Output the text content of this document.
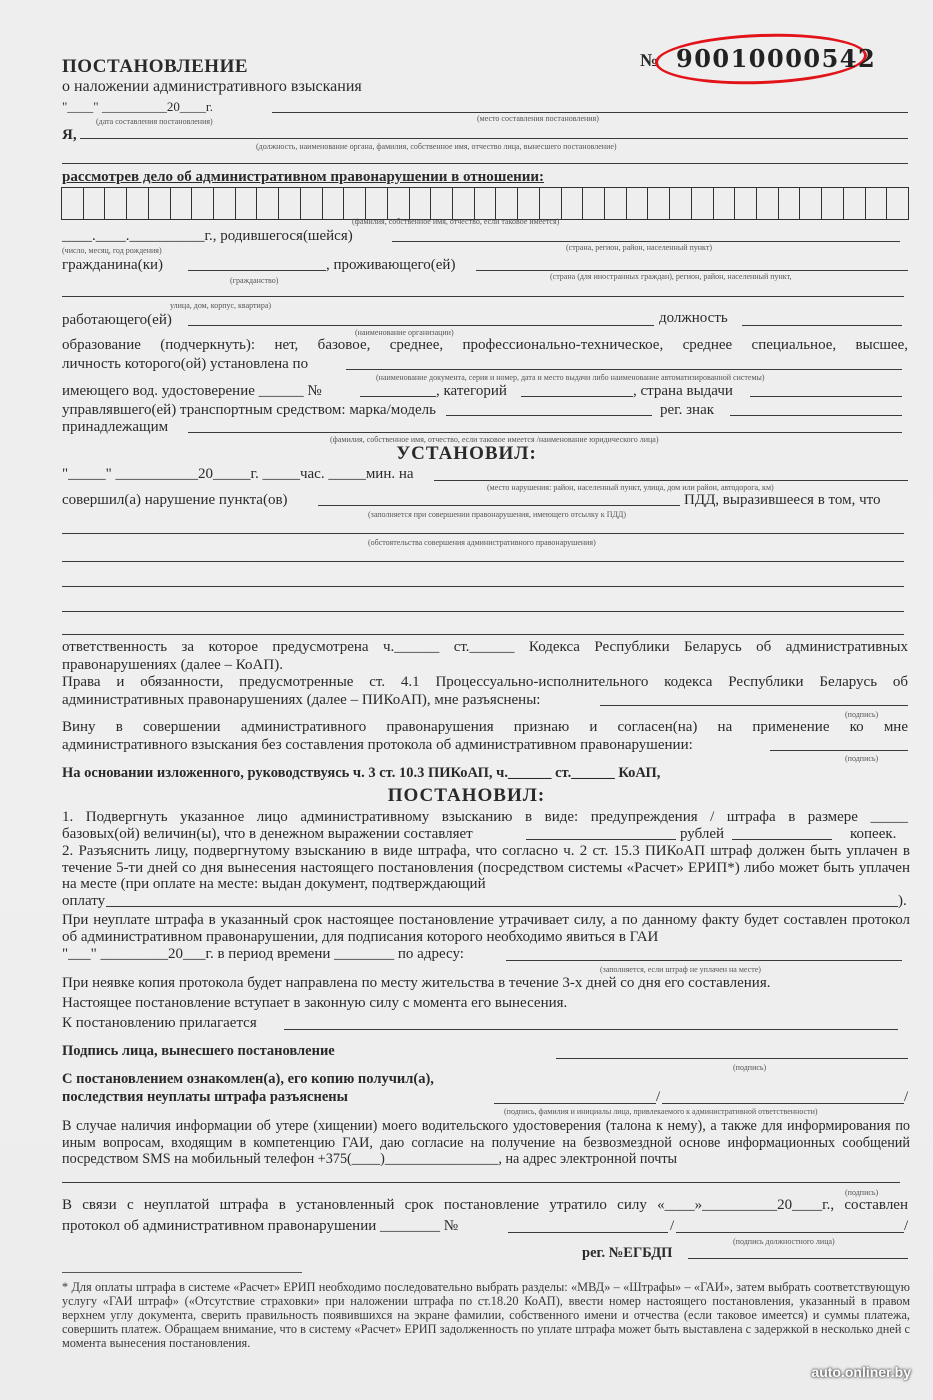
ПОСТАНОВЛЕНИЕ
о наложении административного взыскания
№ 90010000542
"____" __________20____г.
(дата составления постановления)	(место составления постановления)
Я,
(должность, наименование органа, фамилия, собственное имя, отчество лица, вынесшего постановление)
рассмотрев дело об административном правонарушении в отношении:
(фамилия, собственное имя, отчество, если таковое имеется)
____.____.__________г., родившегося(шейся)
(число, месяц, год рождения)	(страна, регион, район, населенный пункт)
гражданина(ки)	, проживающего(ей)
(гражданство)	(страна (для иностранных граждан), регион, район, населенный пункт,
улица, дом, корпус, квартира)
работающего(ей)	должность
(наименование организации)
образование (подчеркнуть): нет, базовое, среднее, профессионально-техническое, среднее специальное, высшее,
личность которого(ой) установлена по
(наименование документа, серия и номер, дата и место выдачи либо наименование автоматизированной системы)
имеющего вод. удостоверение ______ №	, категорий	, страна выдачи
управлявшего(ей) транспортным средством: марка/модель	рег. знак
принадлежащим
(фамилия, собственное имя, отчество, если таковое имеется /наименование юридического лица)
УСТАНОВИЛ:
"_____" ___________20_____г. _____час. _____мин. на
(место нарушения: район, населенный пункт, улица, дом или район, автодорога, км)
совершил(а) нарушение пункта(ов)	ПДД, выразившееся в том, что
(заполняется при совершении правонарушения, имеющего отсылку к ПДД)
(обстоятельства совершения административного правонарушения)
ответственность за которое предусмотрена ч.______ ст.______ Кодекса Республики Беларусь об административных
правонарушениях (далее – КоАП).
Права и обязанности, предусмотренные ст. 4.1 Процессуально-исполнительного кодекса Республики Беларусь об
административных правонарушениях (далее – ПИКоАП), мне разъяснены:
(подпись)
Вину в совершении административного правонарушения признаю и согласен(на) на применение ко мне
административного взыскания без составления протокола об административном правонарушении:
(подпись)
На основании изложенного, руководствуясь ч. 3 ст. 10.3 ПИКоАП, ч.______ ст.______ КоАП,
ПОСТАНОВИЛ:
1. Подвергнуть указанное лицо административному взысканию в виде: предупреждения / штрафа в размере _____
базовых(ой) величин(ы), что в денежном выражении составляет	рублей	копеек.
2. Разъяснить лицу, подвергнутому взысканию в виде штрафа, что согласно ч. 2 ст. 15.3 ПИКоАП штраф должен быть уплачен в течение 5-ти дней со дня вынесения настоящего постановления (посредством системы «Расчет» ЕРИП*) либо может быть уплачен на месте (при оплате на месте: выдан документ, подтверждающий
оплату	).
При неуплате штрафа в указанный срок настоящее постановление утрачивает силу, а по данному факту будет составлен протокол об административном правонарушении, для подписания которого необходимо явиться в ГАИ
"___" _________20___г. в период времени ________ по адресу:
(заполняется, если штраф не уплачен на месте)
При неявке копия протокола будет направлена по месту жительства в течение 3-х дней со дня его составления.
Настоящее постановление вступает в законную силу с момента его вынесения.
К постановлению прилагается
Подпись лица, вынесшего постановление
(подпись)
С постановлением ознакомлен(а), его копию получил(а),
последствия неуплаты штрафа разъяснены	/	/
(подпись, фамилия и инициалы лица, привлекаемого к административной ответственности)
В случае наличия информации об утере (хищении) моего водительского удостоверения (талона к нему), а также для информирования по иным вопросам, входящим в компетенцию ГАИ, даю согласие на получение на безвозмездной основе информационных сообщений посредством SMS на мобильный телефон +375(____)________________, на адрес электронной почты
(подпись)
В связи с неуплатой штрафа в установленный срок постановление утратило силу «____»__________20____г., составлен
протокол об административном правонарушении ________ №	/	/
(подпись должностного лица)
рег. №ЕГБДП
* Для оплаты штрафа в системе «Расчет» ЕРИП необходимо последовательно выбрать разделы: «МВД» – «Штрафы» – «ГАИ», затем выбрать соответствующую услугу «ГАИ штраф» («Отсутствие страховки» при наложении штрафа по ст.18.20 КоАП), ввести номер настоящего постановления, указанный в правом верхнем углу документа, сверить правильность появившихся на экране фамилии, собственного имени и отчества (если таковое имеется) и суммы платежа, совершить платеж. Обращаем внимание, что в систему «Расчет» ЕРИП задолженность по уплате штрафа может быть выставлена с задержкой в несколько дней с момента вынесения постановления.
auto.onliner.by
